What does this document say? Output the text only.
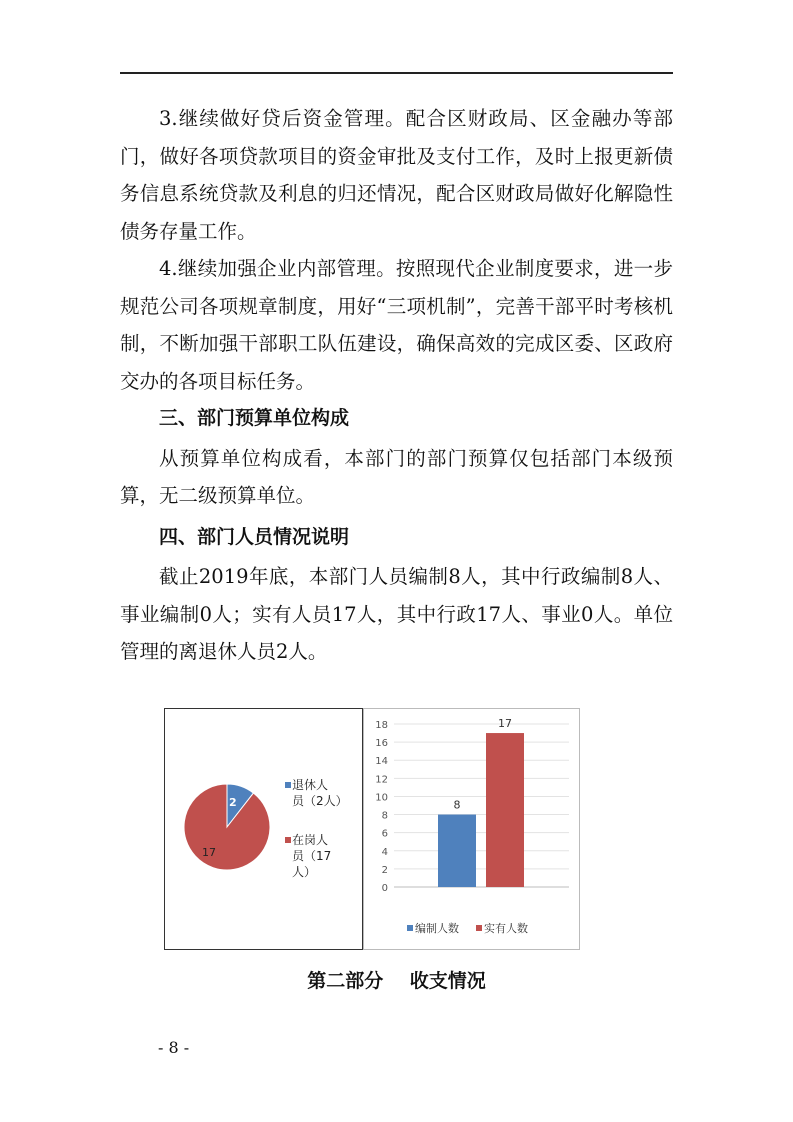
3.继续做好贷后资金管理。配合区财政局、区金融办等部门，做好各项贷款项目的资金审批及支付工作，及时上报更新债务信息系统贷款及利息的归还情况，配合区财政局做好化解隐性债务存量工作。

4.继续加强企业内部管理。按照现代企业制度要求，进一步规范公司各项规章制度，用好“三项机制”，完善干部平时考核机制，不断加强干部职工队伍建设，确保高效的完成区委、区政府交办的各项目标任务。

三、部门预算单位构成

从预算单位构成看，本部门的部门预算仅包括部门本级预算，无二级预算单位。

四、部门人员情况说明

截止2019年底，本部门人员编制8人，其中行政编制8人、事业编制0人；实有人员17人，其中行政17人、事业0人。单位管理的离退休人员2人。

2
17
退休人
员（2人）
在岗人
员（17
人）
0
2
4
6
8
10
12
14
16
18
8
17
编制人数 实有人数
第二部分    收支情况
- 8 -
